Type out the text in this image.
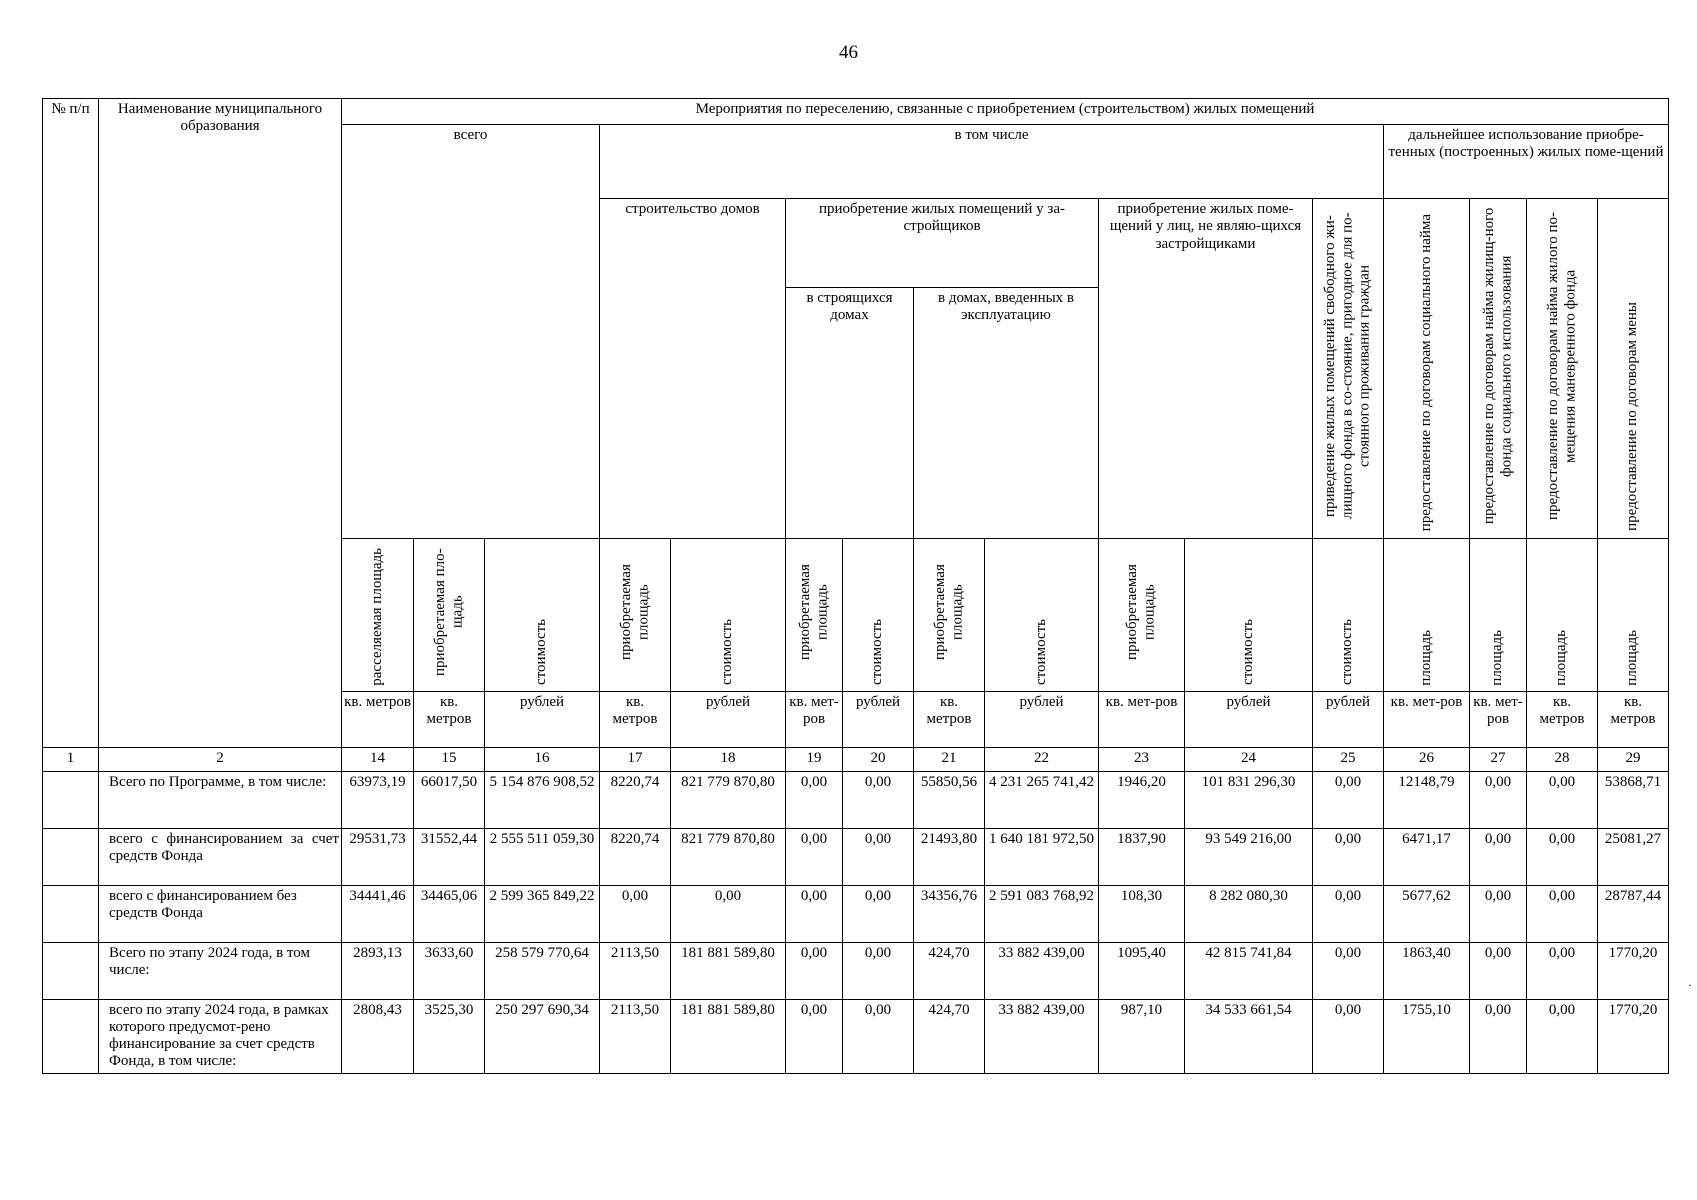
46
№ п/п	Наименование муниципального образования	Мероприятия по переселению, связанные с приобретением (строительством) жилых помещений															
		всего			в том числе									дальнейшее использование приобре-тенных (построенных) жилых поме-щений			
					строительство домов		приобретение жилых помещений у за-стройщиков				приобретение жилых поме-щений у лиц, не являю-щихся застройщиками		приведение жилых помещений свободного жи-лищного фонда в со-стояние, пригодное для по-стоянного проживания граждан	предоставление по договорам социального найма	предоставление по договорам найма жилищ-ного фонда социального использования	предоставление по договорам найма жилого по-мещения маневренного фонда	предоставление по договорам мены
							в строящихся домах		в домах, введенных в эксплуатацию								
		расселяемая площадь	приобретаемая пло-щадь	стоимость	приобретаемая площадь	стоимость	приобретаемая площадь	стоимость	приобретаемая площадь	стоимость	приобретаемая площадь	стоимость	стоимость	площадь	площадь	площадь	площадь
		кв. метров	кв. метров	рублей	кв. метров	рублей	кв. мет-ров	рублей	кв. метров	рублей	кв. мет-ров	рублей	рублей	кв. мет-ров	кв. мет-ров	кв. метров	кв. метров
1	2	14	15	16	17	18	19	20	21	22	23	24	25	26	27	28	29
	Всего по Программе, в том числе:	63973,19	66017,50	5 154 876 908,52	8220,74	821 779 870,80	0,00	0,00	55850,56	4 231 265 741,42	1946,20	101 831 296,30	0,00	12148,79	0,00	0,00	53868,71
	всего с финансированием за счет средств Фонда	29531,73	31552,44	2 555 511 059,30	8220,74	821 779 870,80	0,00	0,00	21493,80	1 640 181 972,50	1837,90	93 549 216,00	0,00	6471,17	0,00	0,00	25081,27
	всего с финансированием без средств Фонда	34441,46	34465,06	2 599 365 849,22	0,00	0,00	0,00	0,00	34356,76	2 591 083 768,92	108,30	8 282 080,30	0,00	5677,62	0,00	0,00	28787,44
	Всего по этапу 2024 года, в том числе:	2893,13	3633,60	258 579 770,64	2113,50	181 881 589,80	0,00	0,00	424,70	33 882 439,00	1095,40	42 815 741,84	0,00	1863,40	0,00	0,00	1770,20
	всего по этапу 2024 года, в рамках которого предусмот-рено финансирование за счет средств Фонда, в том числе:	2808,43	3525,30	250 297 690,34	2113,50	181 881 589,80	0,00	0,00	424,70	33 882 439,00	987,10	34 533 661,54	0,00	1755,10	0,00	0,00	1770,20
·
